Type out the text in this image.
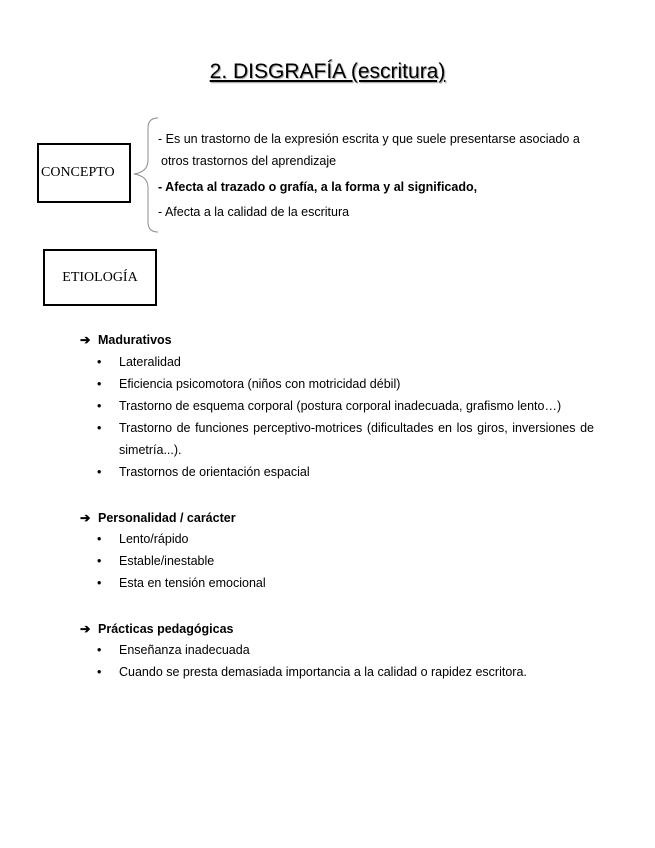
2. DISGRAFÍA (escritura)
CONCEPTO
- Es un trastorno de la expresión escrita y que suele presentarse asociado a
otros trastornos del aprendizaje
- Afecta al trazado o grafía, a la forma y al significado,
- Afecta a la calidad de la escritura
ETIOLOGÍA
➔ Madurativos
• Lateralidad
• Eficiencia psicomotora (niños con motricidad débil)
• Trastorno de esquema corporal (postura corporal inadecuada, grafismo lento…)
• Trastorno de funciones perceptivo-motrices (dificultades en los giros, inversiones de simetría...).
• Trastornos de orientación espacial
➔ Personalidad / carácter
• Lento/rápido
• Estable/inestable
• Esta en tensión emocional
➔ Prácticas pedagógicas
• Enseñanza inadecuada
• Cuando se presta demasiada importancia a la calidad o rapidez escritora.
